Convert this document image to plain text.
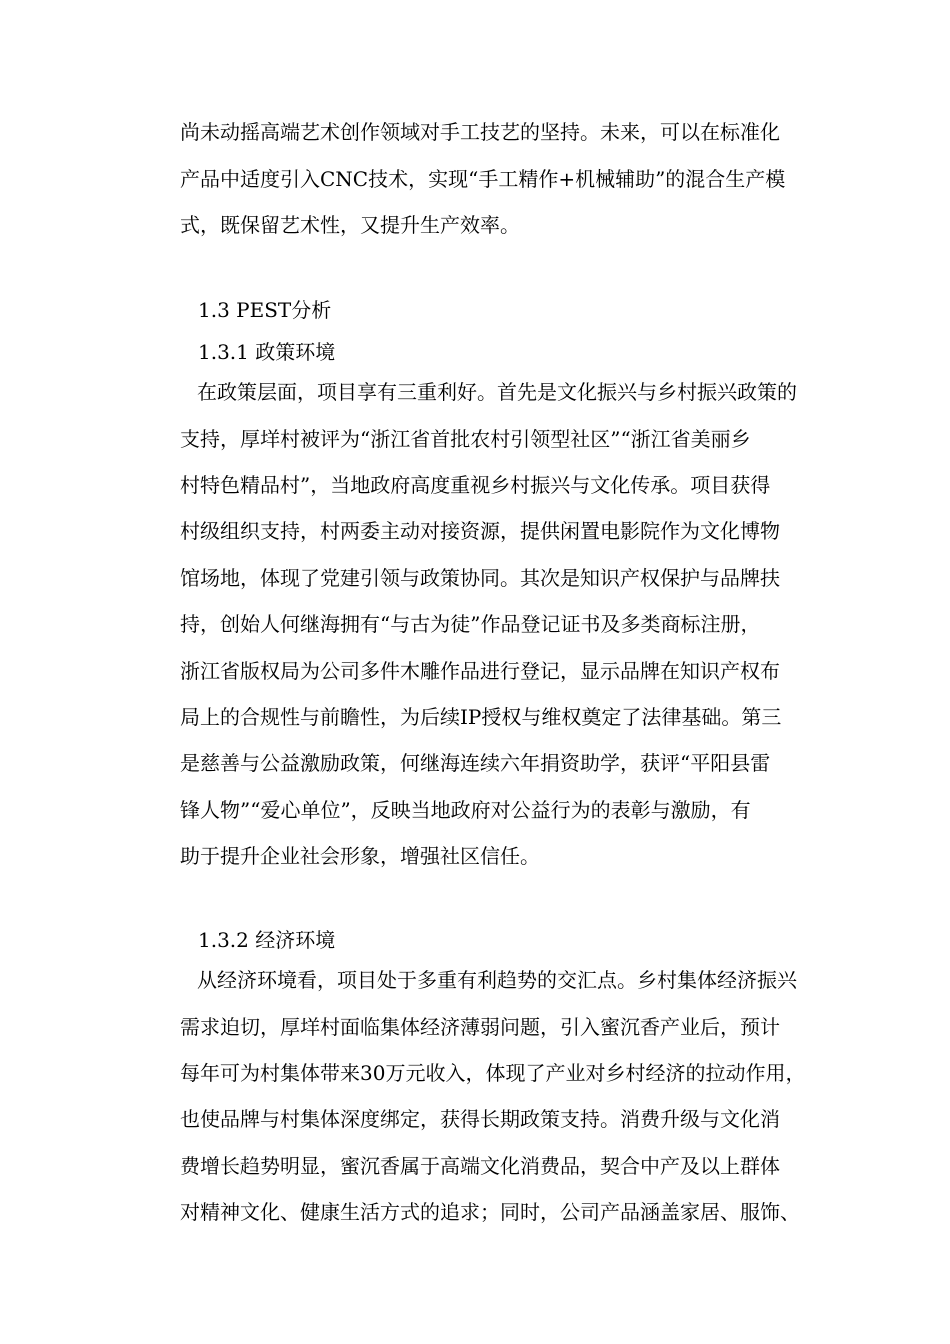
尚未动摇高端艺术创作领域对手工技艺的坚持。未来，可以在标准化
产品中适度引入CNC技术，实现“手工精作+机械辅助”的混合生产模
式，既保留艺术性，又提升生产效率。
1.3 PEST分析
1.3.1 政策环境
在政策层面，项目享有三重利好。首先是文化振兴与乡村振兴政策的
支持，厚垟村被评为“浙江省首批农村引领型社区”“浙江省美丽乡
村特色精品村”，当地政府高度重视乡村振兴与文化传承。项目获得
村级组织支持，村两委主动对接资源，提供闲置电影院作为文化博物
馆场地，体现了党建引领与政策协同。其次是知识产权保护与品牌扶
持，创始人何继海拥有“与古为徒”作品登记证书及多类商标注册，
浙江省版权局为公司多件木雕作品进行登记，显示品牌在知识产权布
局上的合规性与前瞻性，为后续IP授权与维权奠定了法律基础。第三
是慈善与公益激励政策，何继海连续六年捐资助学，获评“平阳县雷
锋人物”“爱心单位”，反映当地政府对公益行为的表彰与激励，有
助于提升企业社会形象，增强社区信任。
1.3.2 经济环境
从经济环境看，项目处于多重有利趋势的交汇点。乡村集体经济振兴
需求迫切，厚垟村面临集体经济薄弱问题，引入蜜沉香产业后，预计
每年可为村集体带来30万元收入，体现了产业对乡村经济的拉动作用，
也使品牌与村集体深度绑定，获得长期政策支持。消费升级与文化消
费增长趋势明显，蜜沉香属于高端文化消费品，契合中产及以上群体
对精神文化、健康生活方式的追求；同时，公司产品涵盖家居、服饰、
